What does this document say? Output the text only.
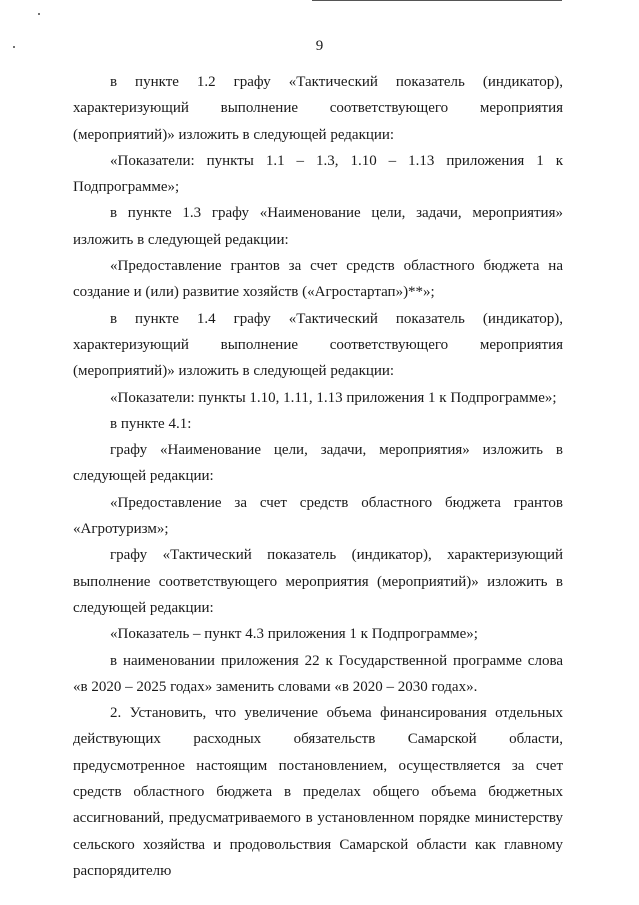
9

в пункте 1.2 графу «Тактический показатель (индикатор), характеризующий выполнение соответствующего мероприятия (мероприятий)» изложить в следующей редакции:

«Показатели: пункты 1.1 – 1.3, 1.10 – 1.13 приложения 1 к Подпрограмме»;

в пункте 1.3 графу «Наименование цели, задачи, мероприятия» изложить в следующей редакции:

«Предоставление грантов за счет средств областного бюджета на создание и (или) развитие хозяйств («Агростартап»)**»;

в пункте 1.4 графу «Тактический показатель (индикатор), характеризующий выполнение соответствующего мероприятия (мероприятий)» изложить в следующей редакции:

«Показатели: пункты 1.10, 1.11, 1.13 приложения 1 к Подпрограмме»;

в пункте 4.1:

графу «Наименование цели, задачи, мероприятия» изложить в следующей редакции:

«Предоставление за счет средств областного бюджета грантов «Агротуризм»;

графу «Тактический показатель (индикатор), характеризующий выполнение соответствующего мероприятия (мероприятий)» изложить в следующей редакции:

«Показатель – пункт 4.3 приложения 1 к Подпрограмме»;

в наименовании приложения 22 к Государственной программе слова «в 2020 – 2025 годах» заменить словами «в 2020 – 2030 годах».

2. Установить, что увеличение объема финансирования отдельных действующих расходных обязательств Самарской области, предусмотренное настоящим постановлением, осуществляется за счет средств областного бюджета в пределах общего объема бюджетных ассигнований, предусматриваемого в установленном порядке министерству сельского хозяйства и продовольствия Самарской области как главному распорядителю
